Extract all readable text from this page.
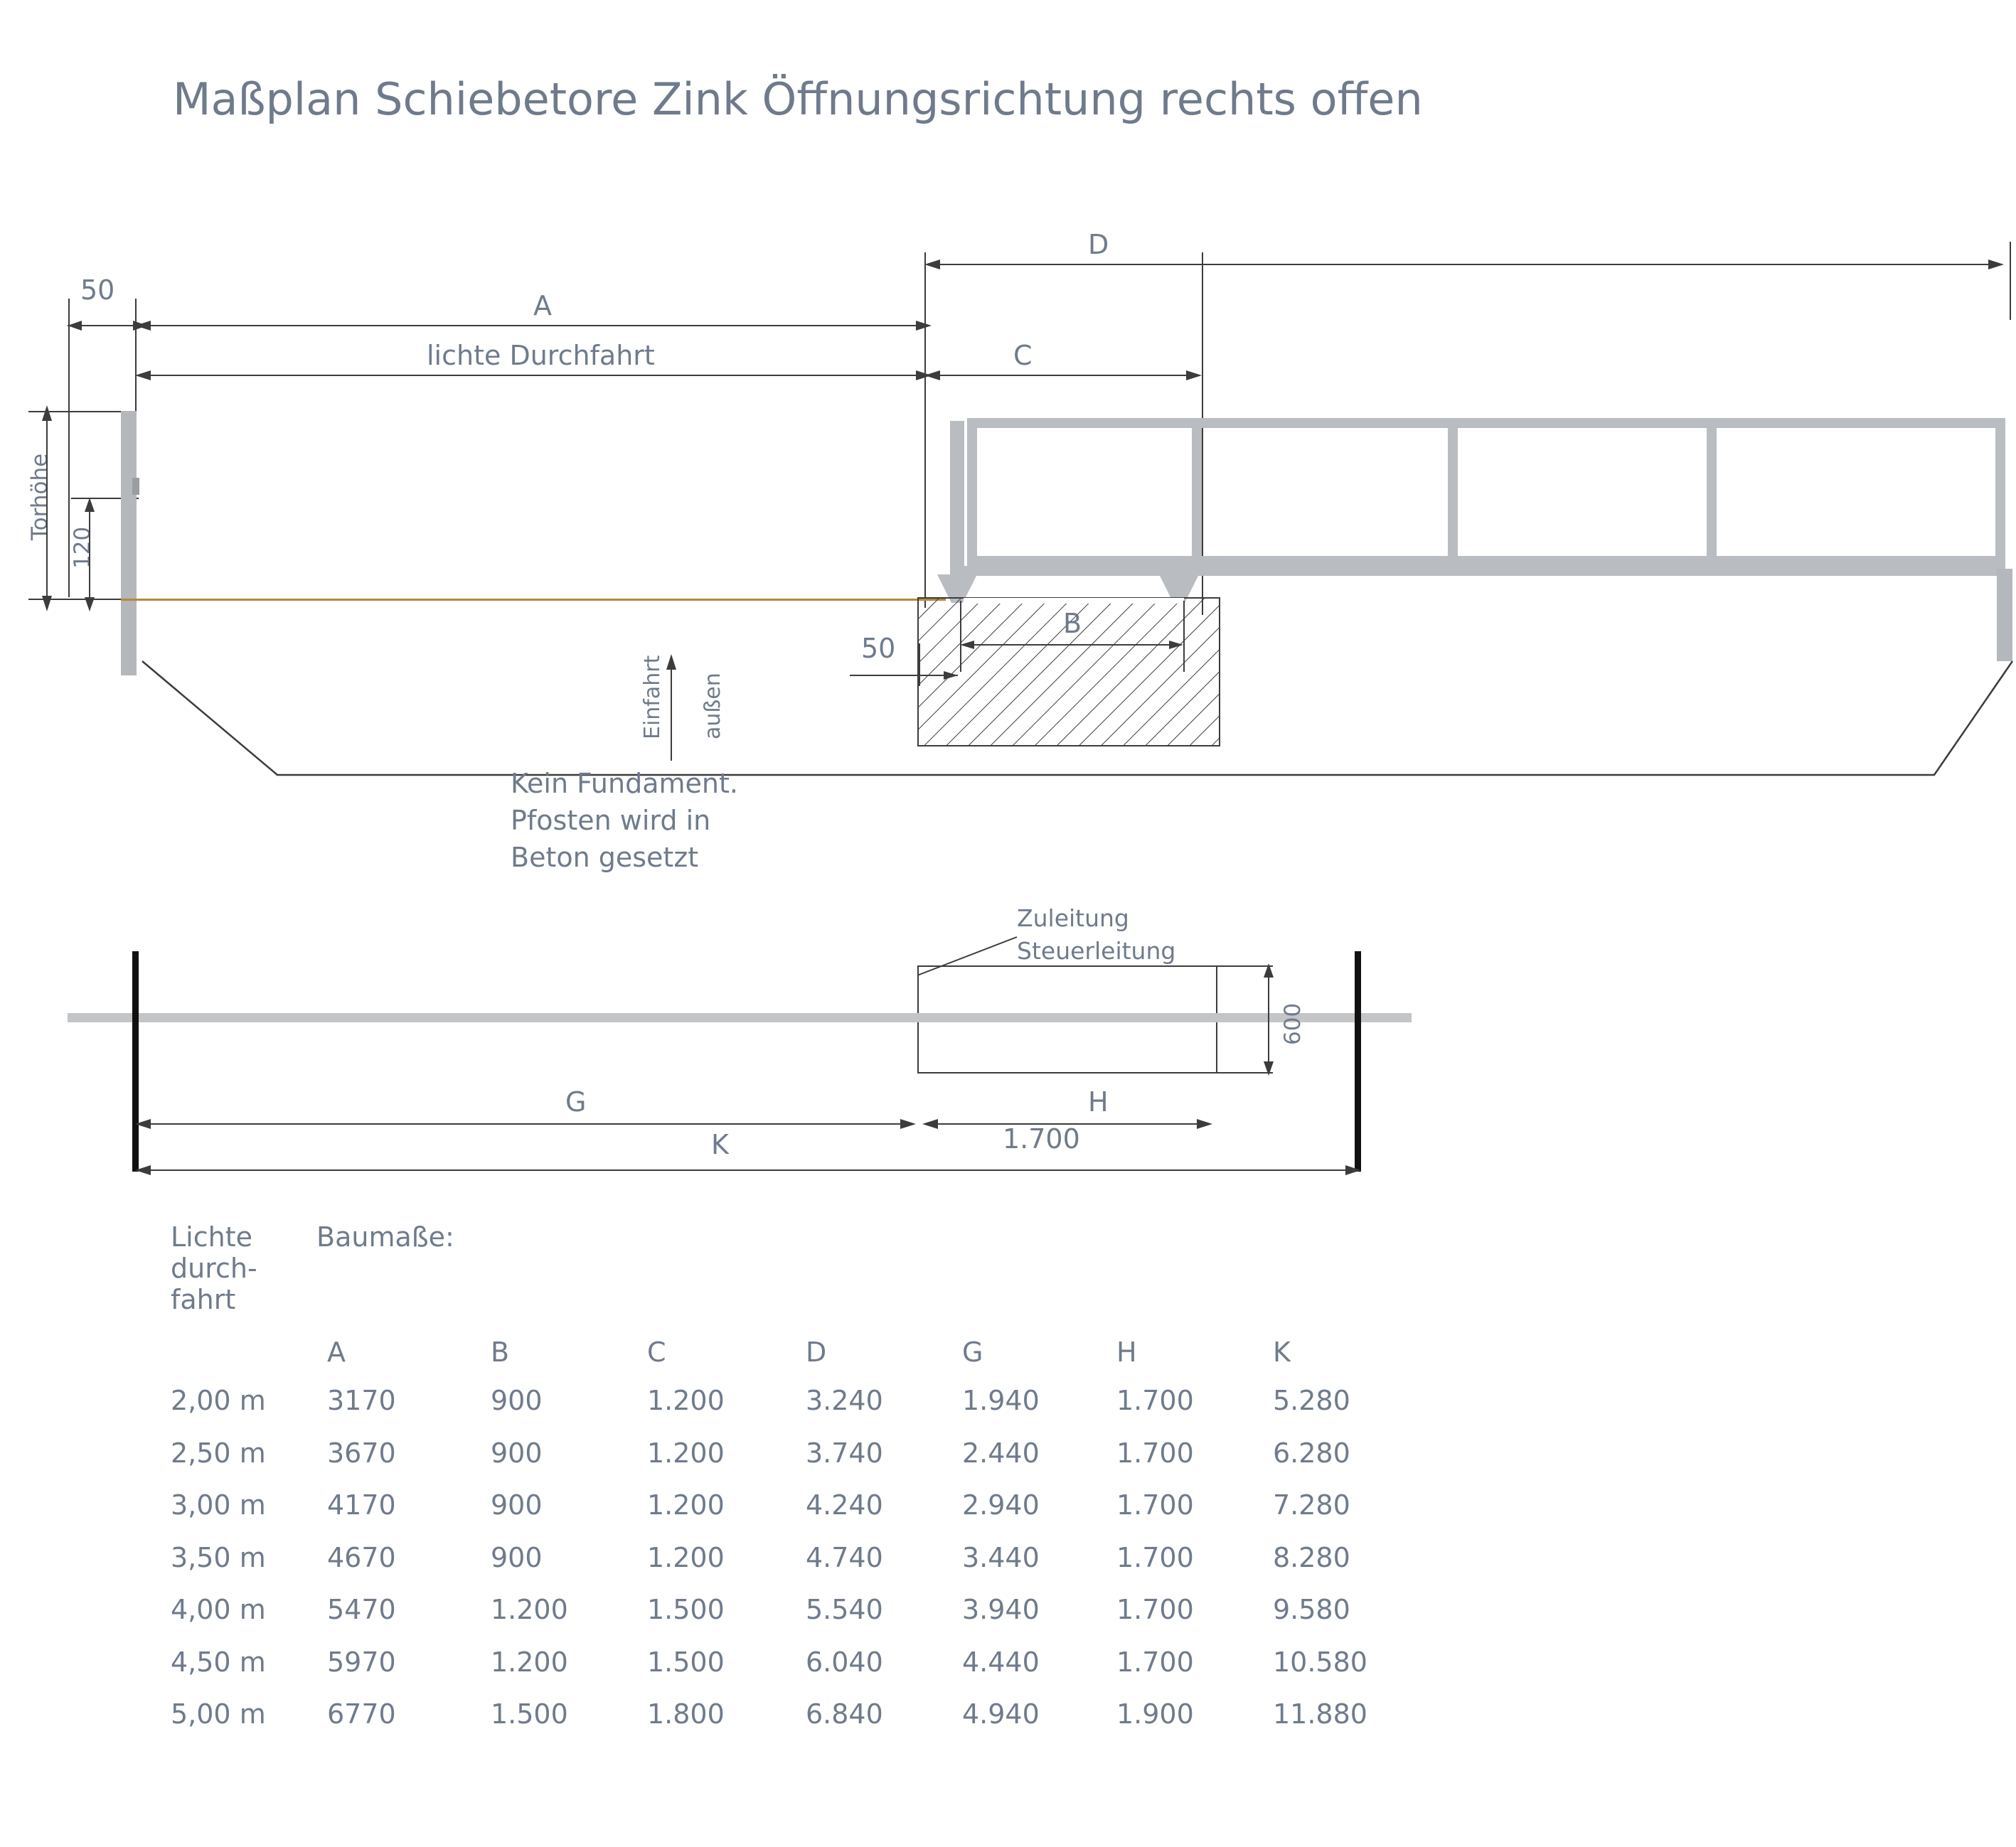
Maßplan Schiebetore Zink Öffnungsrichtung rechts offen
D
50	A
lichte Durchfahrt	C
Torhöhe
120
B
50
Einfahrt außen
Kein Fundament.
Pfosten wird in
Beton gesetzt
Zuleitung
Steuerleitung
600
G	H
1.700
K
Lichte
durch-
fahrt
	Baumaße:

A	B	C	D	G	H	K
2,00 m 3170	900	1.200	3.240	1.940	1.700	5.280
2,50 m 3670	900	1.200	3.740	2.440	1.700	6.280
3,00 m 4170	900	1.200	4.240	2.940	1.700	7.280
3,50 m 4670	900	1.200	4.740	3.440	1.700	8.280
4,00 m 5470	1.200	1.500	5.540	3.940	1.700	9.580
4,50 m 5970	1.200	1.500	6.040	4.440	1.700	10.580
5,00 m 6770	1.500	1.800	6.840	4.940	1.900	11.880
